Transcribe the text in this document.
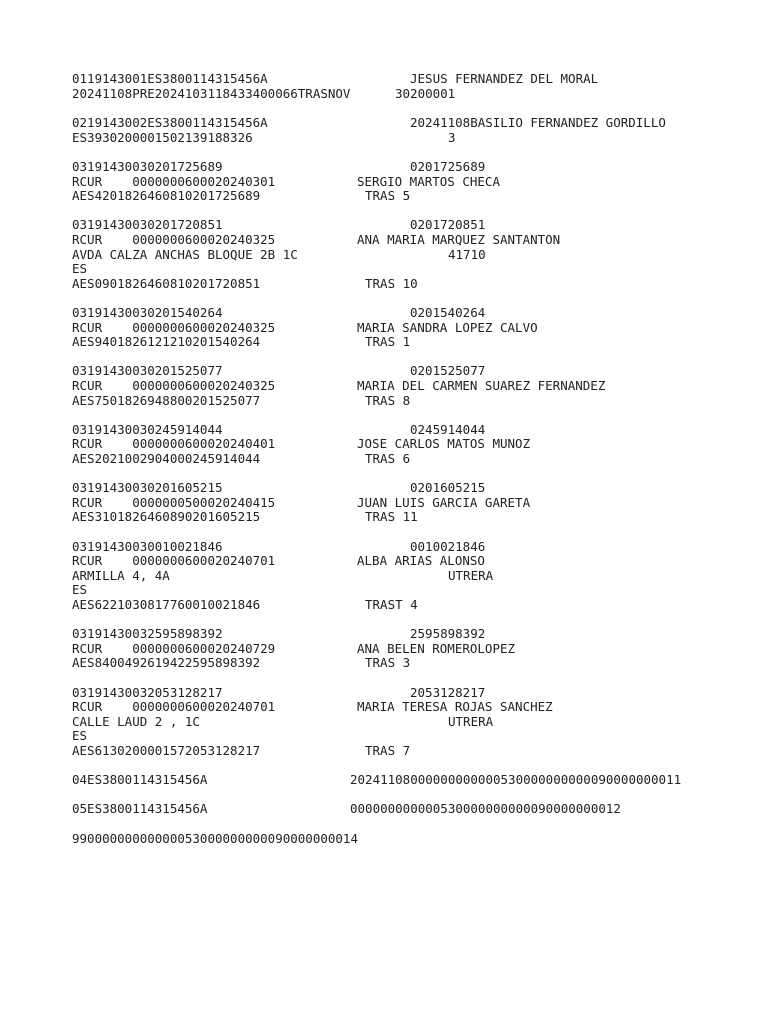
0119143001ES3800114315456A	JESUS FERNANDEZ DEL MORAL
20241108PRE2024103118433400066TRASNOV	30200001
0219143002ES3800114315456A	20241108BASILIO FERNANDEZ GORDILLO
ES3930200001502139188326	3
03191430030201725689	0201725689
RCUR    0000000600020240301	SERGIO MARTOS CHECA
AES4201826460810201725689	TRAS 5
03191430030201720851	0201720851
RCUR    0000000600020240325	ANA MARIA MARQUEZ SANTANTON
AVDA CALZA ANCHAS BLOQUE 2B 1C	41710
ES
AES0901826460810201720851	TRAS 10
03191430030201540264	0201540264
RCUR    0000000600020240325	MARIA SANDRA LOPEZ CALVO
AES9401826121210201540264	TRAS 1
03191430030201525077	0201525077
RCUR    0000000600020240325	MARIA DEL CARMEN SUAREZ FERNANDEZ
AES7501826948800201525077	TRAS 8
03191430030245914044	0245914044
RCUR    0000000600020240401	JOSE CARLOS MATOS MUNOZ
AES2021002904000245914044	TRAS 6
03191430030201605215	0201605215
RCUR    0000000500020240415	JUAN LUIS GARCIA GARETA
AES3101826460890201605215	TRAS 11
03191430030010021846	0010021846
RCUR    0000000600020240701	ALBA ARIAS ALONSO
ARMILLA 4, 4A	UTRERA
ES
AES6221030817760010021846	TRAST 4
03191430032595898392	2595898392
RCUR    0000000600020240729	ANA BELEN ROMEROLOPEZ
AES8400492619422595898392	TRAS 3
03191430032053128217	2053128217
RCUR    0000000600020240701	MARIA TERESA ROJAS SANCHEZ
CALLE LAUD 2 , 1C	UTRERA
ES
AES6130200001572053128217	TRAS 7
04ES3800114315456A	20241108000000000000530000000000090000000011
05ES3800114315456A	000000000000530000000000090000000012
99000000000000053000000000090000000014
